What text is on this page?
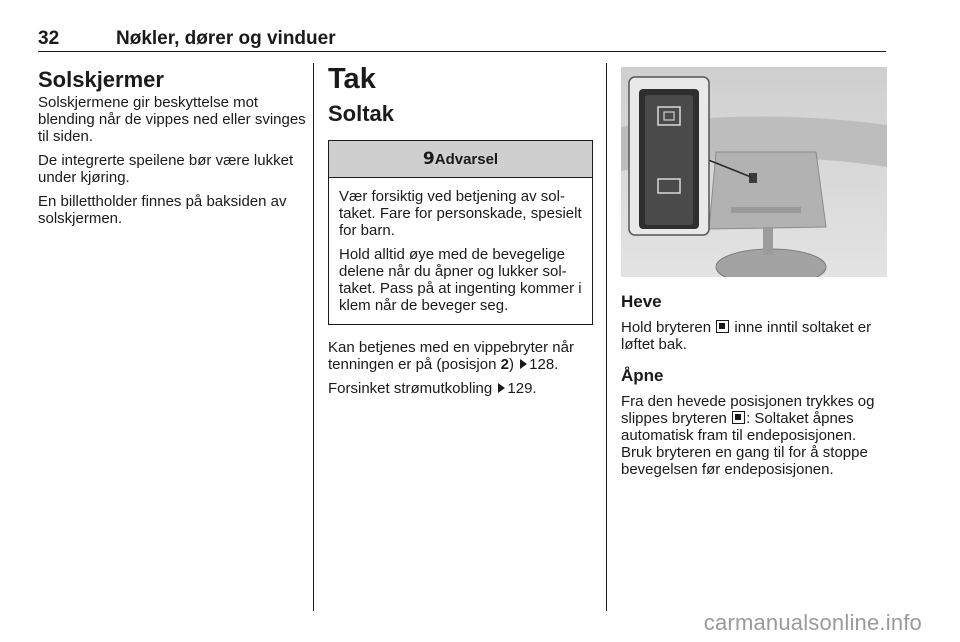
32	Nøkler, dører og vinduer
Solskjermer

Solskjermene gir beskyttelse mot blending når de vippes ned eller svinges til siden.

De integrerte speilene bør være lukket under kjøring.

En billettholder finnes på baksiden av solskjermen.

Tak
Soltak
9 Advarsel

Vær forsiktig ved betjening av soltaket. Fare for personskade, spesielt for barn.

Hold alltid øye med de bevegelige delene når du åpner og lukker soltaket. Pass på at ingenting kommer i klem når de beveger seg.

Kan betjenes med en vippebryter når tenningen er på (posisjon 2) 128.

Forsinket strømutkobling 129.

Heve

Hold bryteren  inne inntil soltaket er løftet bak.

Åpne

Fra den hevede posisjonen trykkes og slippes bryteren : Soltaket åpnes automatisk fram til endeposisjonen. Bruk bryteren en gang til for å stoppe bevegelsen før endeposisjonen.

carmanualsonline.info
